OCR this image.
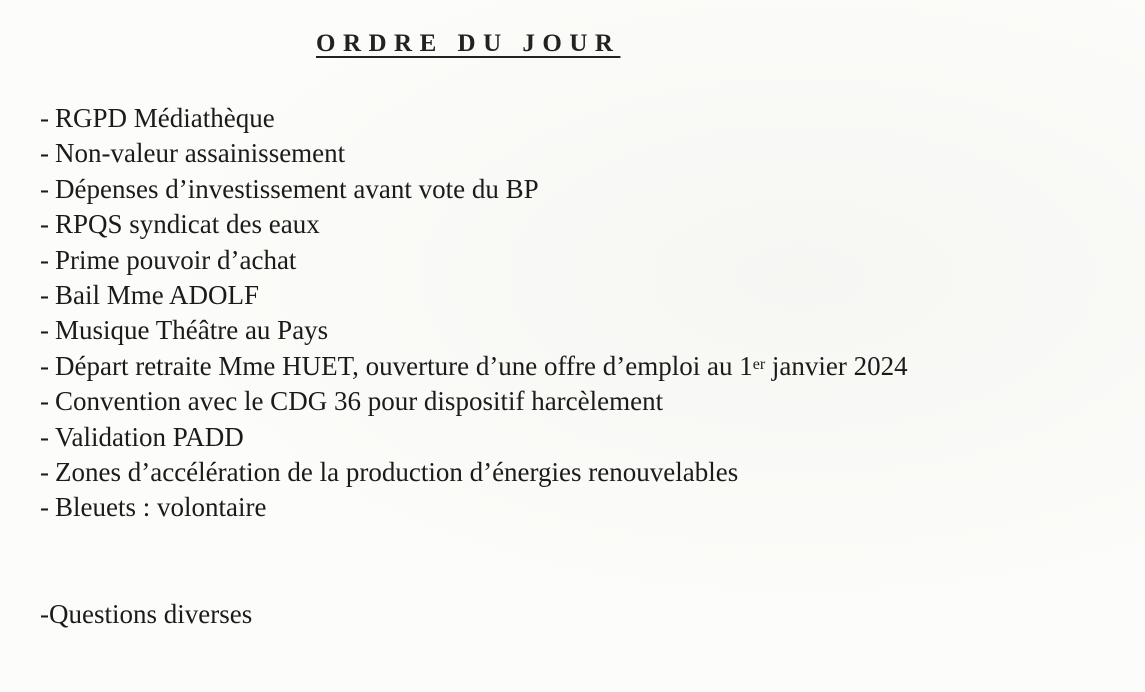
ORDRE DU JOUR
- RGPD Médiathèque
- Non-valeur assainissement
- Dépenses d’investissement avant vote du BP
- RPQS syndicat des eaux
- Prime pouvoir d’achat
- Bail Mme ADOLF
- Musique Théâtre au Pays
- Départ retraite Mme HUET, ouverture d’une offre d’emploi au 1er janvier 2024
- Convention avec le CDG 36 pour dispositif harcèlement
- Validation PADD
- Zones d’accélération de la production d’énergies renouvelables
- Bleuets : volontaire
-Questions diverses
